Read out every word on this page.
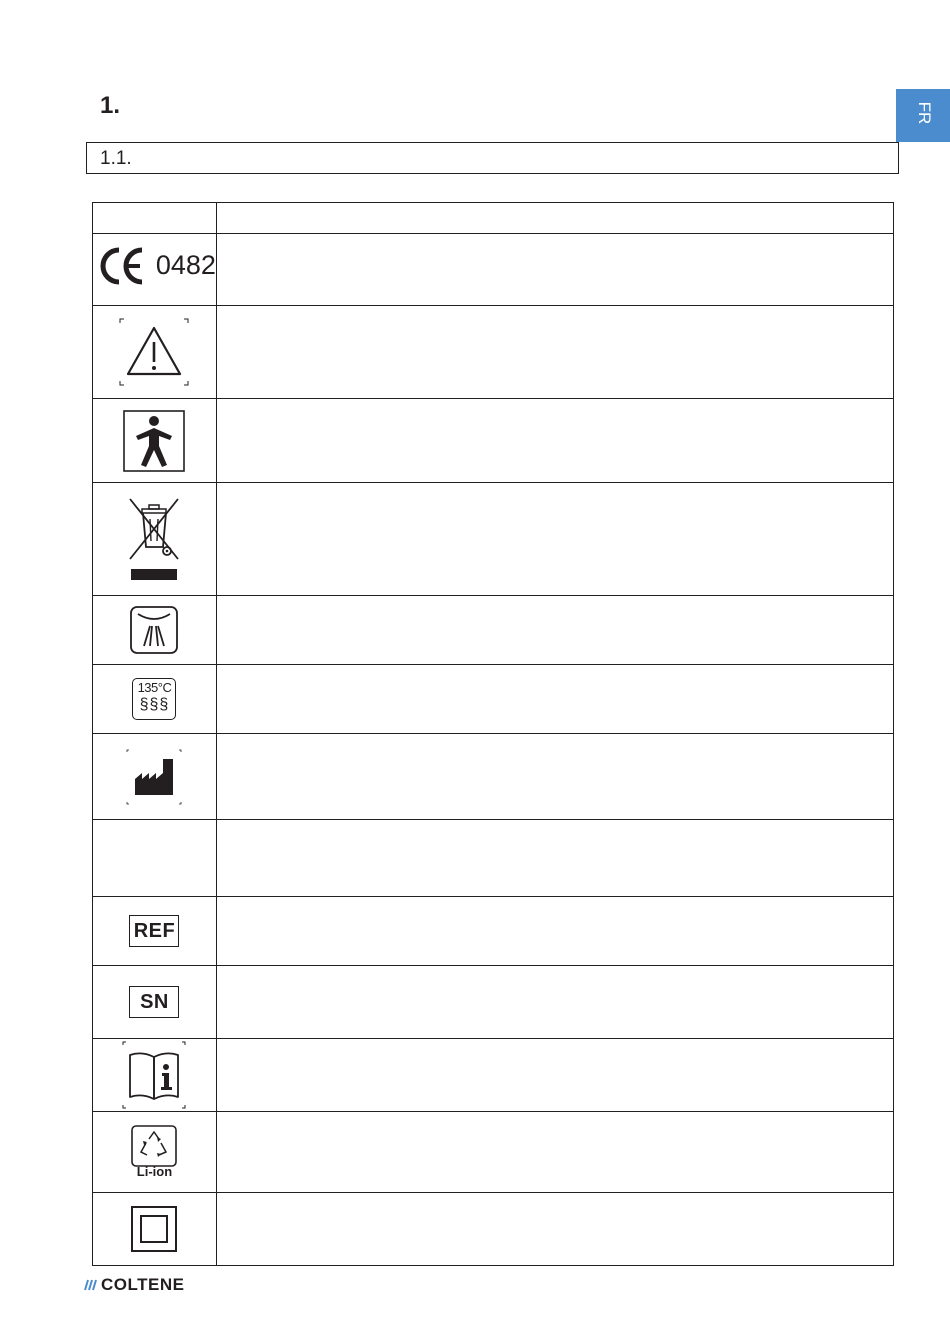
FR
1.
1.1.

0482	

135°C
§§§	

REF	

SN	

Li-ion	

COLTENE
